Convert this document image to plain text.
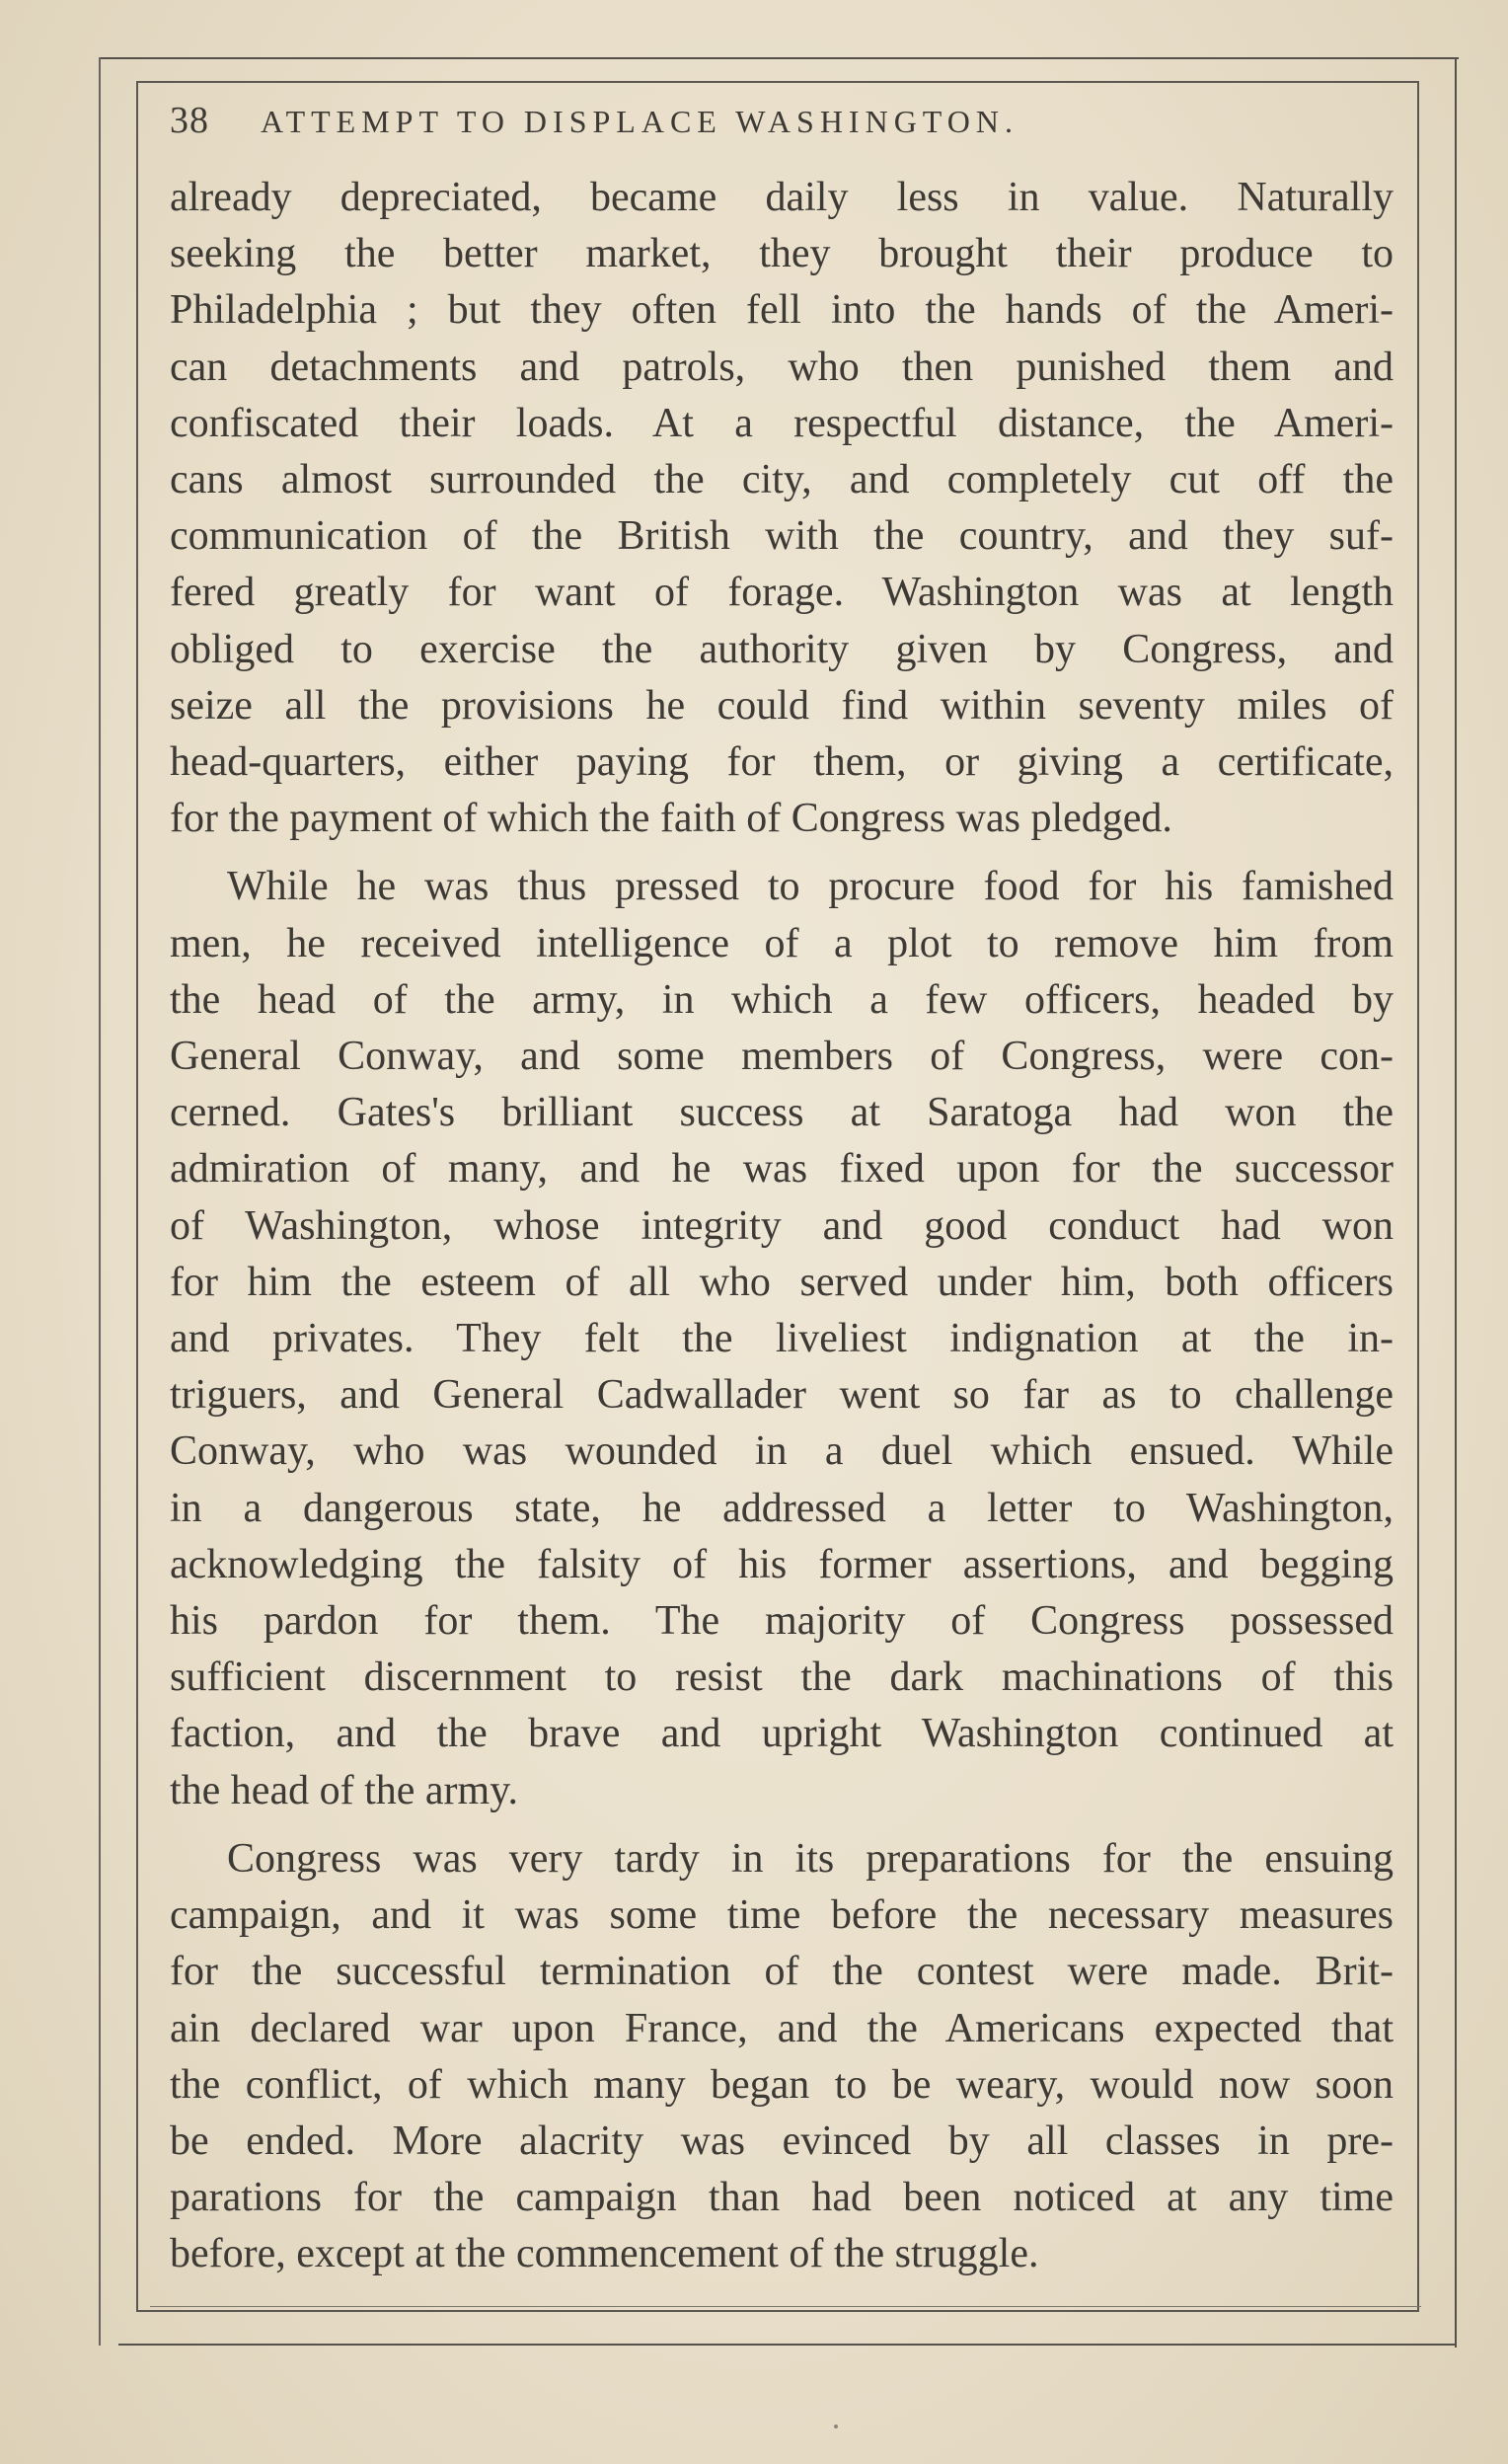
38	ATTEMPT TO DISPLACE WASHINGTON.

already depreciated, became daily less in value. Naturally
seeking the better market, they brought their produce to
Philadelphia ; but they often fell into the hands of the Ameri-
can detachments and patrols, who then punished them and
confiscated their loads. At a respectful distance, the Ameri-
cans almost surrounded the city, and completely cut off the
communication of the British with the country, and they suf-
fered greatly for want of forage. Washington was at length
obliged to exercise the authority given by Congress, and
seize all the provisions he could find within seventy miles of
head-quarters, either paying for them, or giving a certificate,
for the payment of which the faith of Congress was pledged.

While he was thus pressed to procure food for his famished
men, he received intelligence of a plot to remove him from
the head of the army, in which a few officers, headed by
General Conway, and some members of Congress, were con-
cerned. Gates's brilliant success at Saratoga had won the
admiration of many, and he was fixed upon for the successor
of Washington, whose integrity and good conduct had won
for him the esteem of all who served under him, both officers
and privates. They felt the liveliest indignation at the in-
triguers, and General Cadwallader went so far as to challenge
Conway, who was wounded in a duel which ensued. While
in a dangerous state, he addressed a letter to Washington,
acknowledging the falsity of his former assertions, and begging
his pardon for them. The majority of Congress possessed
sufficient discernment to resist the dark machinations of this
faction, and the brave and upright Washington continued at
the head of the army.

Congress was very tardy in its preparations for the ensuing
campaign, and it was some time before the necessary measures
for the successful termination of the contest were made. Brit-
ain declared war upon France, and the Americans expected that
the conflict, of which many began to be weary, would now soon
be ended. More alacrity was evinced by all classes in pre-
parations for the campaign than had been noticed at any time
before, except at the commencement of the struggle.
